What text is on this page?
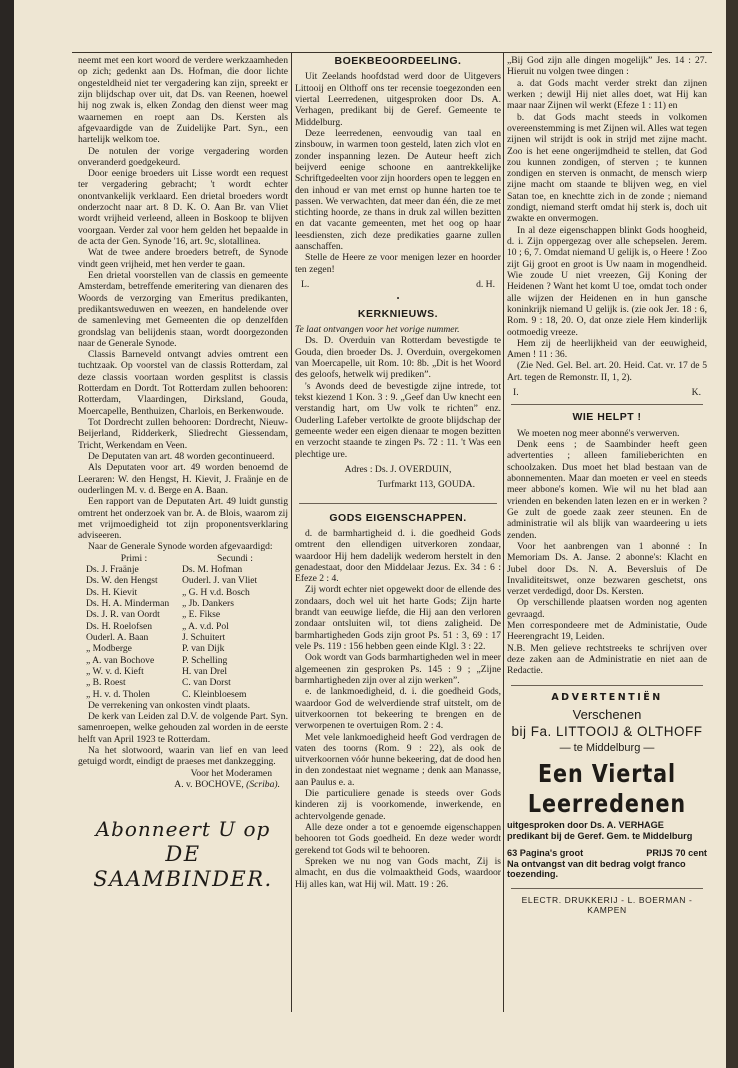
neemt met een kort woord de verdere werkzaamheden op zich; gedenkt aan Ds. Hofman, die door lichte ongesteldheid niet ter vergadering kan zijn, spreekt er zijn blijdschap over uit, dat Ds. van Reenen, hoewel hij nog zwak is, elken Zondag den dienst weer mag waarnemen en roept aan Ds. Kersten als afgevaardigde van de Zuidelijke Part. Syn., een hartelijk welkom toe.

De notulen der vorige vergadering worden onveranderd goedgekeurd.

Door eenige broeders uit Lisse wordt een request ter vergadering gebracht; 't wordt echter onontvankelijk verklaard. Een drietal broeders wordt onderzocht naar art. 8 D. K. O. Aan Br. van Vliet wordt vrijheid verleend, alleen in Boskoop te blijven voorgaan. Verder zal voor hem gelden het bepaalde in de acta der Gen. Synode '16, art. 9c, slotallinea.

Wat de twee andere broeders betreft, de Synode vindt geen vrijheid, met hen verder te gaan.

Een drietal voorstellen van de classis en gemeente Amsterdam, betreffende emeritering van dienaren des Woords de verzorging van Emeritus predikanten, predikantsweduwen en weezen, en handelende over de samenleving met Gemeenten die op denzelfden grondslag van belijdenis staan, wordt doorgezonden naar de Generale Synode.

Classis Barneveld ontvangt advies omtrent een tuchtzaak. Op voorstel van de classis Rotterdam, zal deze classis voortaan worden gesplitst is classis Rotterdam en Dordt. Tot Rotterdam zullen behooren: Rotterdam, Vlaardingen, Dirksland, Gouda, Moercapelle, Benthuizen, Charlois, en Berkenwoude.

Tot Dordrecht zullen behooren: Dordrecht, Nieuw-Beijerland, Ridderkerk, Sliedrecht Giessendam, Tricht, Werkendam en Veen.

De Deputaten van art. 48 worden gecontinueerd.

Als Deputaten voor art. 49 worden benoemd de Leeraren: W. den Hengst, H. Kievit, J. Fraänje en de ouderlingen M. v. d. Berge en A. Baan.

Een rapport van de Deputaten Art. 49 luidt gunstig omtrent het onderzoek van br. A. de Blois, waarom zij met vrijmoedigheid tot zijn proponentsverklaring adviseeren.

Naar de Generale Synode worden afgevaardigd:

Primi :	Secundi :
Ds. J. Fraänje	Ds. M. Hofman
Ds. W. den Hengst	Ouderl. J. van Vliet
Ds. H. Kievit	„ G. H v.d. Bosch
Ds. H. A. Minderman	„ Jb. Dankers
Ds. J. R. van Oordt	„ E. Fikse
Ds. H. Roelofsen	„ A. v.d. Pol
Ouderl. A. Baan	J. Schuitert
„ Modberge	P. van Dijk
„ A. van Bochove	P. Schelling
„ W. v. d. Kieft	H. van Drel
„ B. Roest	C. van Dorst
„ H. v. d. Tholen	C. Kleinbloesem

De verrekening van onkosten vindt plaats.

De kerk van Leiden zal D.V. de volgende Part. Syn. samenroepen, welke gehouden zal worden in de eerste helft van April 1923 te Rotterdam.

Na het slotwoord, waarin van lief en van leed getuigd wordt, eindigt de praeses met dankzegging.

Voor het Moderamen
A. v. BOCHOVE, (Scriba).
Abonneert U op
DE SAAMBINDER.
BOEKBEOORDEELING.

Uit Zeelands hoofdstad werd door de Uitgevers Littooij en Olthoff ons ter recensie toegezonden een viertal Leerredenen, uitgesproken door Ds. A. Verhagen, predikant bij de Geref. Gemeente te Middelburg.

Deze leerredenen, eenvoudig van taal en zinsbouw, in warmen toon gesteld, laten zich vlot en zonder inspanning lezen. De Auteur heeft zich beijverd eenige schoone en aantrekkelijke Schriftgedeelten voor zijn hoorders open te leggen en den inhoud er van met ernst op hunne harten toe te passen. We verwachten, dat meer dan één, die ze met stichting hoorde, ze thans in druk zal willen bezitten en dat vacante gemeenten, met het oog op haar leesdiensten, zich deze predikaties gaarne zullen aanschaffen.

Stelle de Heere ze voor menigen lezer en hoorder ten zegen!

L.	d. H.
•
KERKNIEUWS.

Te laat ontvangen voor het vorige nummer.

Ds. D. Overduin van Rotterdam bevestigde te Gouda, dien broeder Ds. J. Overduin, overgekomen van Moercapelle, uit Rom. 10: 8b. „Dit is het Woord des geloofs, hetwelk wij prediken”.

's Avonds deed de bevestigde zijne intrede, tot tekst kiezend 1 Kon. 3 : 9. „Geef dan Uw knecht een verstandig hart, om Uw volk te richten” enz. Ouderling Lafeber vertolkte de groote blijdschap der gemeente weder een eigen dienaar te mogen bezitten en verzocht staande te zingen Ps. 72 : 11. 't Was een plechtige ure.

Adres : Ds. J. OVERDUIN,
Turfmarkt 113, GOUDA.
GODS EIGENSCHAPPEN.

d. de barmhartigheid d. i. die goedheid Gods omtrent den ellendigen uitverkoren zondaar, waardoor Hij hem dadelijk wederom herstelt in den genadestaat, door den Middelaar Jezus. Ex. 34 : 6 : Efeze 2 : 4.

Zij wordt echter niet opgewekt door de ellende des zondaars, doch wel uit het harte Gods; Zijn harte brandt van eeuwige liefde, die Hij aan den verloren zondaar ontsluiten wil, tot diens zaligheid. De barmhartigheden Gods zijn groot Ps. 51 : 3, 69 : 17 vele Ps. 119 : 156 hebben geen einde Klgl. 3 : 22.

Ook wordt van Gods barmhartigheden wel in meer algemeenen zin gesproken Ps. 145 : 9 ; „Zijne barmhartigheden zijn over al zijn werken”.

e. de lankmoedigheid, d. i. die goedheid Gods, waardoor God de welverdiende straf uitstelt, om de uitverkoornen tot bekeering te brengen en de verworpenen te overtuigen Rom. 2 : 4.

Met vele lankmoedigheid heeft God verdragen de vaten des toorns (Rom. 9 : 22), als ook de uitverkoornen vóór hunne bekeering, dat de dood hen in den zondestaat niet wegname ; denk aan Manasse, aan Paulus e. a.

Die particuliere genade is steeds over Gods kinderen zij is voorkomende, inwerkende, en achtervolgende genade.

Alle deze onder a tot e genoemde eigenschappen behooren tot Gods goedheid. En deze weder wordt gerekend tot Gods wil te behooren.

Spreken we nu nog van Gods macht, Zij is almacht, en dus die volmaaktheid Gods, waardoor Hij alles kan, wat Hij wil. Matt. 19 : 26.

„Bij God zijn alle dingen mogelijk” Jes. 14 : 27. Hieruit nu volgen twee dingen :

a. dat Gods macht verder strekt dan zijnen werken ; dewijl Hij niet alles doet, wat Hij kan maar naar Zijnen wil werkt (Efeze 1 : 11) en

b. dat Gods macht steeds in volkomen overeenstemming is met Zijnen wil. Alles wat tegen zijnen wil strijdt is ook in strijd met zijne macht. Zoo is het eene ongerijmdheid te stellen, dat God zou kunnen zondigen, of sterven ; te kunnen zondigen en sterven is onmacht, de mensch wierp zijne macht om staande te blijven weg, en viel Satan toe, en knechtte zich in de zonde ; niemand zondigt, niemand sterft omdat hij sterk is, doch uit zwakte en onvermogen.

In al deze eigenschappen blinkt Gods hoogheid, d. i. Zijn oppergezag over alle schepselen. Jerem. 10 ; 6, 7. Omdat niemand U gelijk is, o Heere ! Zoo zijt Gij groot en groot is Uw naam in mogendheid. Wie zoude U niet vreezen, Gij Koning der Heidenen ? Want het komt U toe, omdat toch onder alle wijzen der Heidenen en in hun gansche koninkrijk niemand U gelijk is. (zie ook Jer. 18 : 6, Rom. 9 : 18, 20. O, dat onze ziele Hem kinderlijk ootmoedig vreeze.

Hem zij de heerlijkheid van der eeuwigheid, Amen ! 11 : 36.

(Zie Ned. Gel. Bel. art. 20. Heid. Cat. vr. 17 de 5 Art. tegen de Remonstr. II, 1, 2).

I.	K.
WIE HELPT !

We moeten nog meer abonné's verwerven.

Denk eens ; de Saambinder heeft geen advertenties ; alleen familieberichten en schoolzaken. Dus moet het blad bestaan van de abonnementen. Maar dan moeten er veel en steeds meer abbone's komen. Wie wil nu het blad aan vrienden en bekenden laten lezen en er in werken ? Ge zult de goede zaak zeer steunen. En de administratie wil als blijk van waardeering u iets zenden.

Voor het aanbrengen van 1 abonné : In Memoriam Ds. A. Janse. 2 abonne's: Klacht en Jubel door Ds. N. A. Beversluis of De Invaliditeitswet, onze bezwaren geschetst, ons verzet verdedigd, door Ds. Kersten.

Op verschillende plaatsen worden nog agenten gevraagd.

Men correspondeere met de Administatie, Oude Heerengracht 19, Leiden.

N.B. Men gelieve rechtstreeks te schrijven over deze zaken aan de Administratie en niet aan de Redactie.

ADVERTENTIËN
Verschenen
bij Fa. LITTOOIJ & OLTHOFF
— te Middelburg —
Een Viertal Leerredenen
uitgesproken door Ds. A. VERHAGE
predikant bij de Geref. Gem. te Middelburg
63 Pagina's groot	PRIJS 70 cent
Na ontvangst van dit bedrag volgt franco toezending.
ELECTR. DRUKKERIJ - L. BOERMAN - KAMPEN
